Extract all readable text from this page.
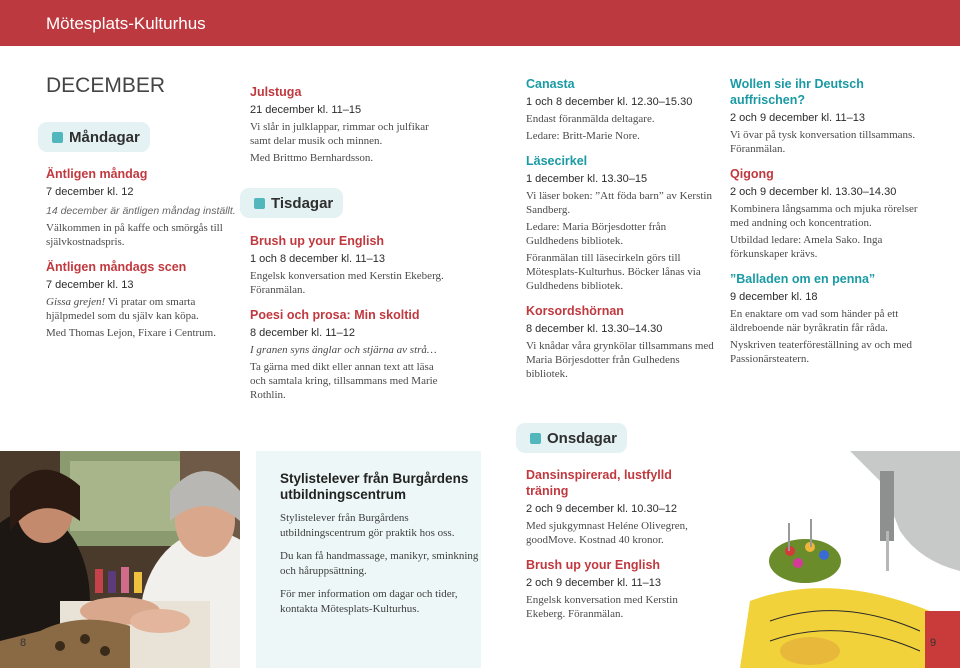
Mötesplats-Kulturhus
DECEMBER
Måndagar
Äntligen måndag
7 december kl. 12
14 december är äntligen måndag inställt.
Välkommen in på kaffe och smörgås till självkostnadspris.
Äntligen måndags scen
7 december kl. 13
Gissa grejen! Vi pratar om smarta hjälpmedel som du själv kan köpa.
Med Thomas Lejon, Fixare i Centrum.
Julstuga
21 december kl. 11–15
Vi slår in julklappar, rimmar och julfikar samt delar musik och minnen.
Med Brittmo Bernhardsson.
Tisdagar
Brush up your English
1 och 8 december kl. 11–13
Engelsk konversation med Kerstin Ekeberg. Föranmälan.
Poesi och prosa: Min skoltid
8 december kl. 11–12
I granen syns änglar och stjärna av strå…
Ta gärna med dikt eller annan text att läsa och samtala kring, tillsammans med Marie Rothlin.
Canasta
1 och 8 december kl. 12.30–15.30
Endast föranmälda deltagare.
Ledare: Britt-Marie Nore.
Läsecirkel
1 december kl. 13.30–15
Vi läser boken: ”Att föda barn” av Kerstin Sandberg.
Ledare: Maria Börjesdotter från Guldhedens bibliotek.
Föranmälan till läsecirkeln görs till Mötesplats-Kulturhus. Böcker lånas via Guldhedens bibliotek.
Korsordshörnan
8 december kl. 13.30–14.30
Vi knådar våra grynkölar tillsammans med Maria Börjesdotter från Gulhedens bibliotek.
Wollen sie ihr Deutsch auffrischen?
2 och 9 december kl. 11–13
Vi övar på tysk konversation tillsammans. Föranmälan.
Qigong
2 och 9 december kl. 13.30–14.30
Kombinera långsamma och mjuka rörelser med andning och koncentration.
Utbildad ledare: Amela Sako. Inga förkunskaper krävs.
”Balladen om en penna”
9 december kl. 18
En enaktare om vad som händer på ett äldreboende när byråkratin får råda.
Nyskriven teaterföreställning av och med Passionärsteatern.
8
Stylistelever från Burgårdens utbildningscentrum
Stylistelever från Burgårdens utbildningscentrum gör praktik hos oss.
Du kan få handmassage, manikyr, sminkning och håruppsättning.
För mer information om dagar och tider, kontakta Mötesplats-Kulturhus.
Onsdagar
Dansinspirerad, lustfylld träning
2 och 9 december kl. 10.30–12
Med sjukgymnast Heléne Olivegren, goodMove. Kostnad 40 kronor.
Brush up your English
2 och 9 december kl. 11–13
Engelsk konversation med Kerstin Ekeberg. Föranmälan.
9
